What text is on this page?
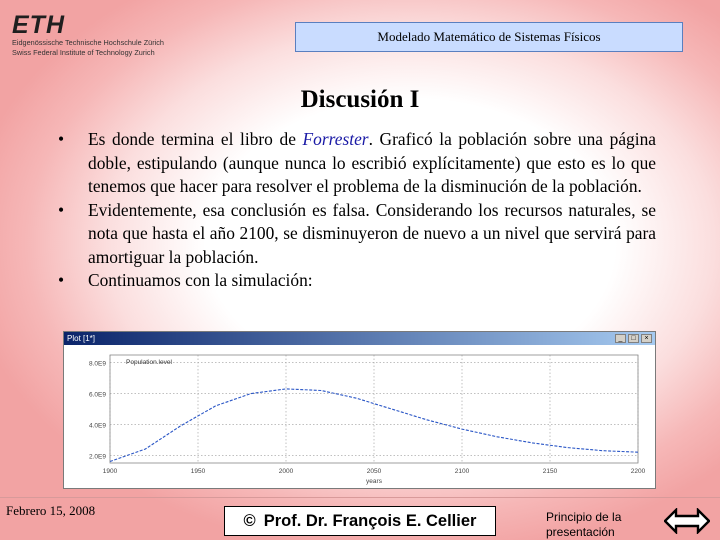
ETH
Eidgenössische Technische Hochschule Zürich
Swiss Federal Institute of Technology Zurich
Modelado Matemático de Sistemas Físicos
Discusión I
• Es donde termina el libro de Forrester. Graficó la población sobre una página doble, estipulando (aunque nunca lo escribió explícitamente) que esto es lo que tenemos que hacer para resolver el problema de la disminución de la población.
• Evidentemente, esa conclusión es falsa. Considerando los recursos naturales, se nota que hasta el año 2100, se disminuyeron de nuevo a un nivel que servirá para amortiguar la población.
• Continuamos con la simulación:
Plot [1*]	_	□	×
2.0E9
4.0E9
6.0E9
8.0E9
1900	1950	2000	2050	2100	2150	2200
years
Population.level
Febrero 15, 2008
© Prof. Dr. François E. Cellier	Principio de la presentación
